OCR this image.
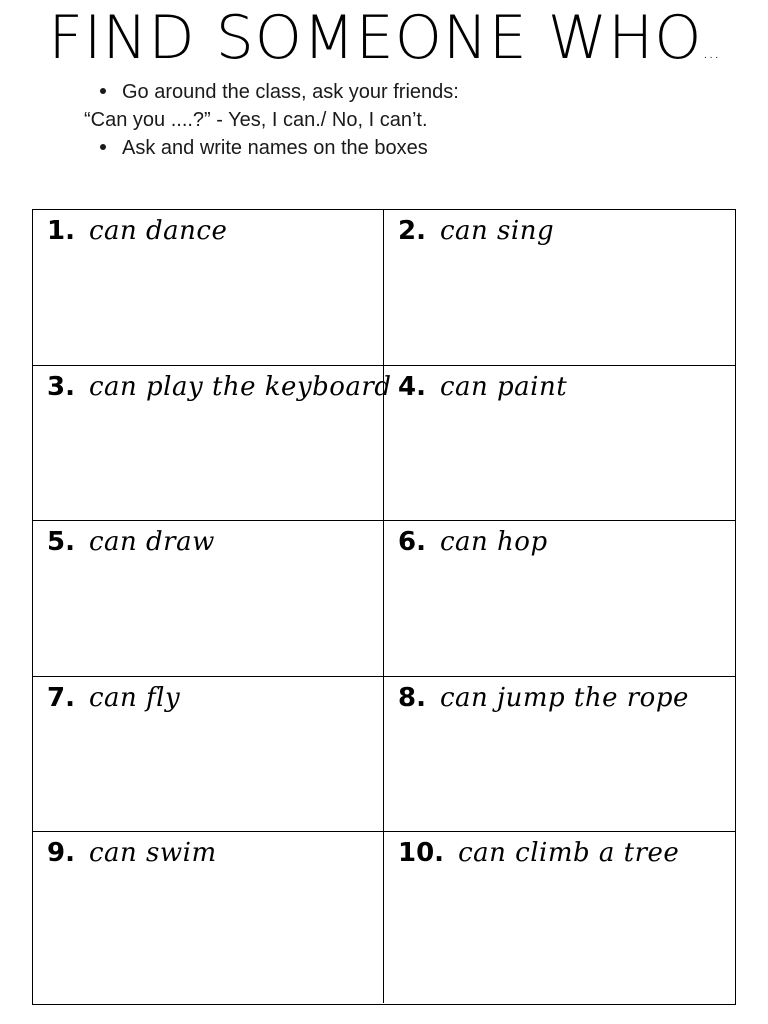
FIND SOMEONE WHO...
Go around the class, ask your friends:
“Can you ....?” - Yes, I can./ No, I can’t.
Ask and write names on the boxes
1. can dance	2. can sing
3. can play the keyboard 4. can paint
5. can draw	6. can hop
7. can fly	8. can jump the rope
9. can swim	10. can climb a tree
